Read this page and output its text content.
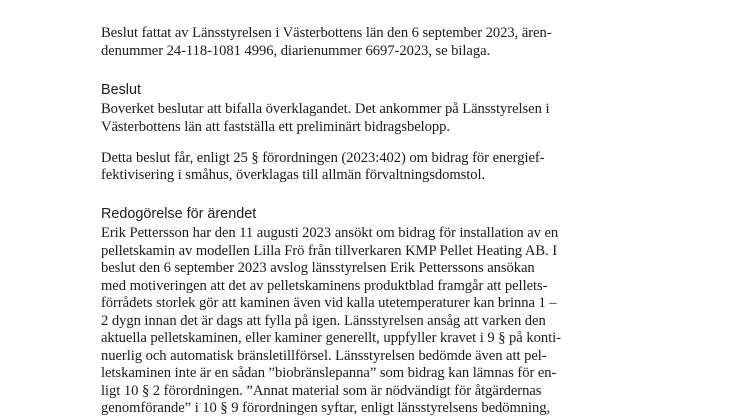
Beslut fattat av Länsstyrelsen i Västerbottens län den 6 september 2023, ären-

denummer 24-118-1081 4996, diarienummer 6697-2023, se bilaga.

Beslut

Boverket beslutar att bifalla överklagandet. Det ankommer på Länsstyrelsen i

Västerbottens län att fastställa ett preliminärt bidragsbelopp.

Detta beslut får, enligt 25 § förordningen (2023:402) om bidrag för energief-

fektivisering i småhus, överklagas till allmän förvaltningsdomstol.

Redogörelse för ärendet

Erik Pettersson har den 11 augusti 2023 ansökt om bidrag för installation av en

pelletskamin av modellen Lilla Frö från tillverkaren KMP Pellet Heating AB. I

beslut den 6 september 2023 avslog länsstyrelsen Erik Petterssons ansökan

med motiveringen att det av pelletskaminens produktblad framgår att pellets-

förrådets storlek gör att kaminen även vid kalla utetemperaturer kan brinna 1 –

2 dygn innan det är dags att fylla på igen. Länsstyrelsen ansåg att varken den

aktuella pelletskaminen, eller kaminer generellt, uppfyller kravet i 9 § på konti-

nuerlig och automatisk bränsletillförsel. Länsstyrelsen bedömde även att pel-

letskaminen inte är en sådan ”biobränslepanna” som bidrag kan lämnas för en-

ligt 10 § 2 förordningen. ”Annat material som är nödvändigt för åtgärdernas

genomförande” i 10 § 9 förordningen syftar, enligt länsstyrelsens bedömning,
